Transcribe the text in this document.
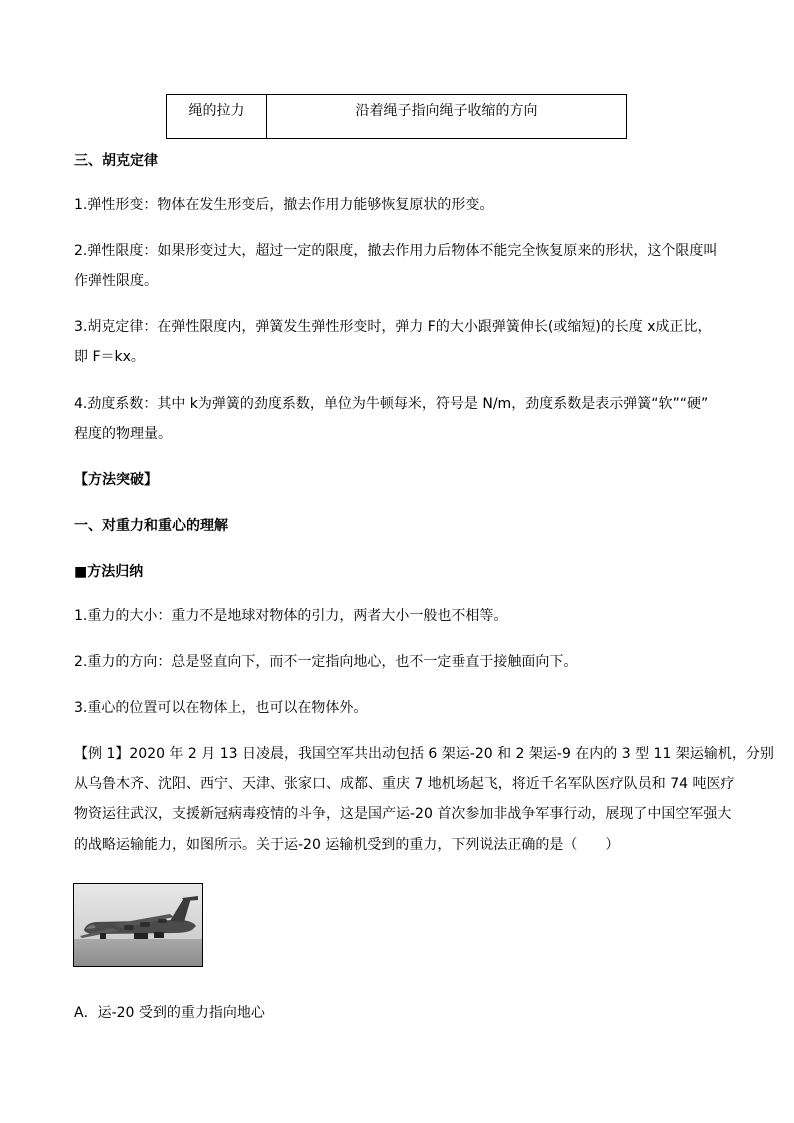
绳的拉力	沿着绳子指向绳子收缩的方向
三、胡克定律
1.弹性形变：物体在发生形变后，撤去作用力能够恢复原状的形变。
2.弹性限度：如果形变过大，超过一定的限度，撤去作用力后物体不能完全恢复原来的形状，这个限度叫
作弹性限度。
3.胡克定律：在弹性限度内，弹簧发生弹性形变时，弹力 F的大小跟弹簧伸长(或缩短)的长度 x成正比，
即 F＝kx。
4.劲度系数：其中 k为弹簧的劲度系数，单位为牛顿每米，符号是 N/m，劲度系数是表示弹簧“软”“硬”
程度的物理量。
【方法突破】
一、对重力和重心的理解
■方法归纳
1.重力的大小：重力不是地球对物体的引力，两者大小一般也不相等。
2.重力的方向：总是竖直向下，而不一定指向地心，也不一定垂直于接触面向下。
3.重心的位置可以在物体上，也可以在物体外。
【例 1】2020 年 2 月 13 日凌晨，我国空军共出动包括 6 架运-20 和 2 架运-9 在内的 3 型 11 架运输机，分别
从乌鲁木齐、沈阳、西宁、天津、张家口、成都、重庆 7 地机场起飞，将近千名军队医疗队员和 74 吨医疗
物资运往武汉，支援新冠病毒疫情的斗争，这是国产运-20 首次参加非战争军事行动，展现了中国空军强大
的战略运输能力，如图所示。关于运-20 运输机受到的重力，下列说法正确的是（　　）
A．运-20 受到的重力指向地心
